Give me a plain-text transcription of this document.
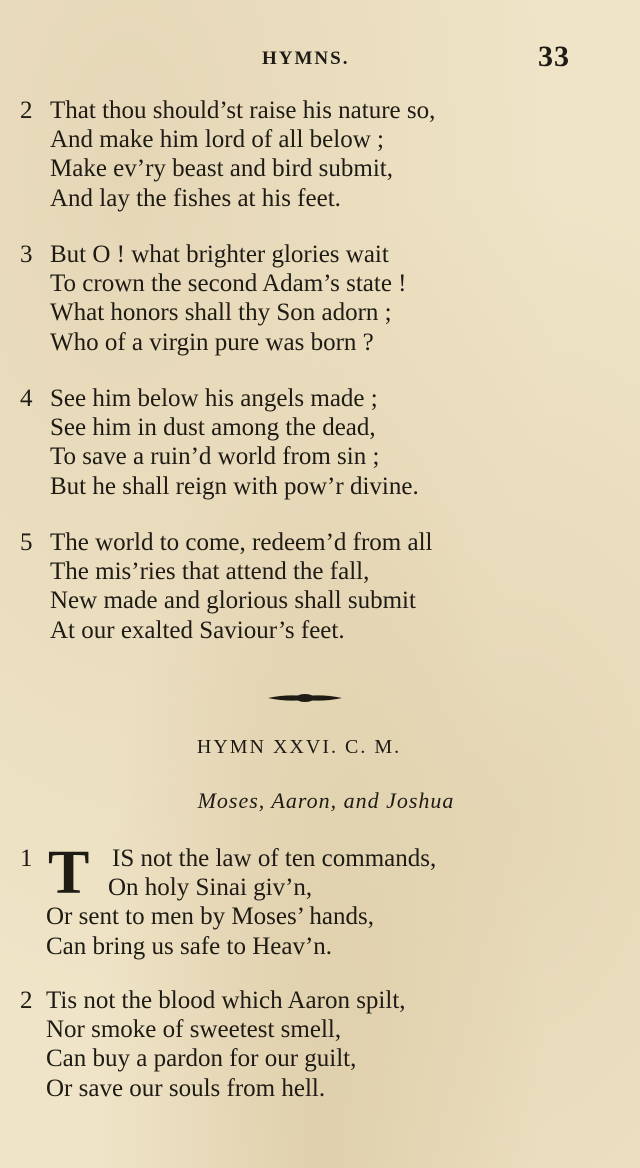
HYMNS.	33
2 That thou should’st raise his nature so,
And make him lord of all below ;
Make ev’ry beast and bird submit,
And lay the fishes at his feet.
3 But O ! what brighter glories wait
To crown the second Adam’s state !
What honors shall thy Son adorn ;
Who of a virgin pure was born ?
4 See him below his angels made ;
See him in dust among the dead,
To save a ruin’d world from sin ;
But he shall reign with pow’r divine.
5 The world to come, redeem’d from all
The mis’ries that attend the fall,
New made and glorious shall submit
At our exalted Saviour’s feet.
HYMN XXVI. C. M.
Moses, Aaron, and Joshua
1	IS not the law of ten commands,
On holy Sinai giv’n,
Or sent to men by Moses’ hands,
Can bring us safe to Heav’n.
T
2 Tis not the blood which Aaron spilt,
Nor smoke of sweetest smell,
Can buy a pardon for our guilt,
Or save our souls from hell.
